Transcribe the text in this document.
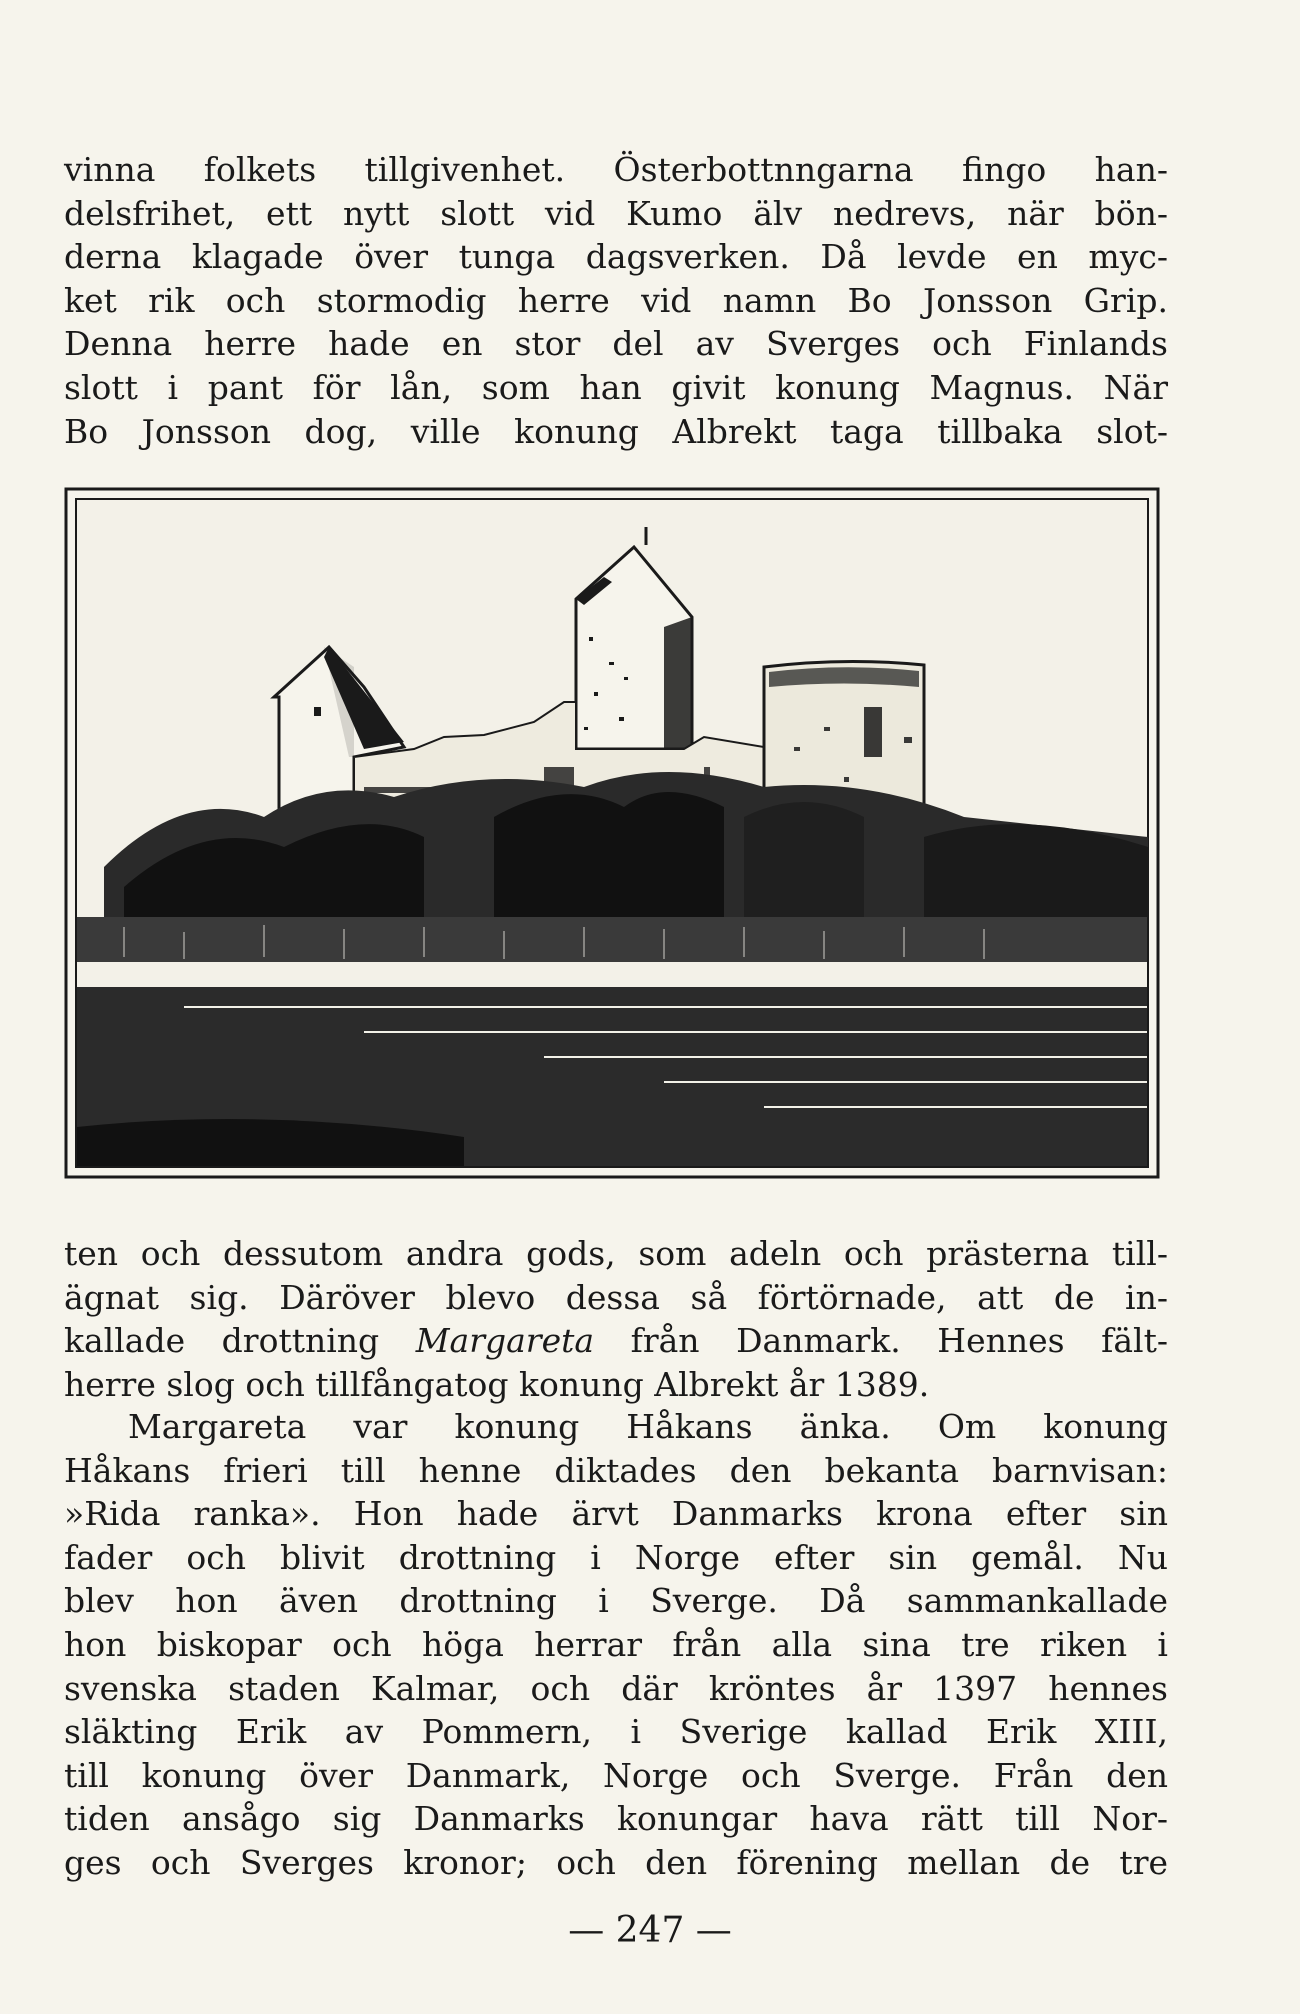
vinna folkets tillgivenhet. Österbottnngarna fingo han-
delsfrihet, ett nytt slott vid Kumo älv nedrevs, när bön-
derna klagade över tunga dagsverken. Då levde en myc-
ket rik och stormodig herre vid namn Bo Jonsson Grip.
Denna herre hade en stor del av Sverges och Finlands
slott i pant för lån, som han givit konung Magnus. När
Bo Jonsson dog, ville konung Albrekt taga tillbaka slot-
ten och dessutom andra gods, som adeln och prästerna till-
ägnat sig. Däröver blevo dessa så förtörnade, att de in-
kallade drottning Margareta från Danmark. Hennes fält-
herre slog och tillfångatog konung Albrekt år 1389.
Margareta var konung Håkans änka. Om konung
Håkans frieri till henne diktades den bekanta barnvisan:
»Rida ranka». Hon hade ärvt Danmarks krona efter sin
fader och blivit drottning i Norge efter sin gemål. Nu
blev hon även drottning i Sverge. Då sammankallade
hon biskopar och höga herrar från alla sina tre riken i
svenska staden Kalmar, och där kröntes år 1397 hennes
släkting Erik av Pommern, i Sverige kallad Erik XIII,
till konung över Danmark, Norge och Sverge. Från den
tiden ansågo sig Danmarks konungar hava rätt till Nor-
ges och Sverges kronor; och den förening mellan de tre
— 247 —
